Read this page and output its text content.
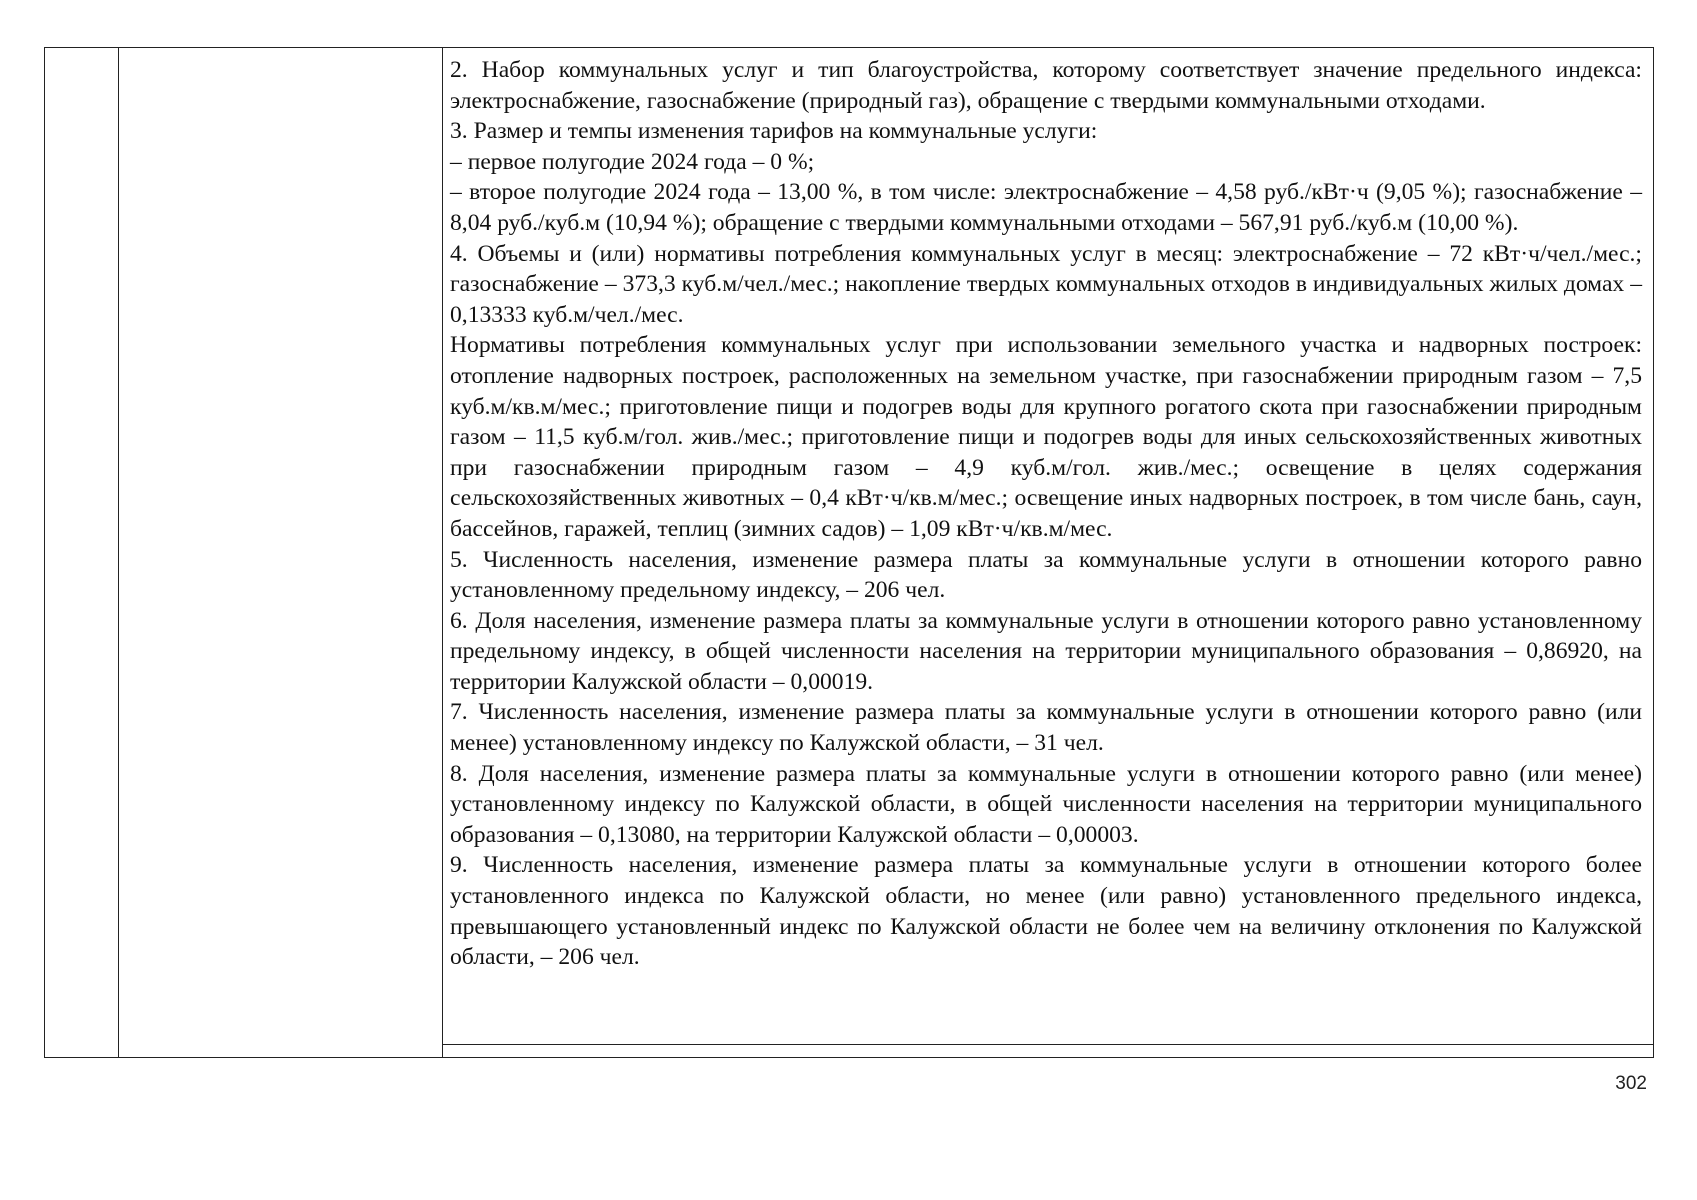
2. Набор коммунальных услуг и тип благоустройства, которому соответствует значение предельного индекса: электроснабжение, газоснабжение (природный газ), обращение с твердыми коммунальными отходами.

3. Размер и темпы изменения тарифов на коммунальные услуги:

– первое полугодие 2024 года – 0 %;

– второе полугодие 2024 года – 13,00 %, в том числе: электроснабжение – 4,58 руб./кВт·ч (9,05 %); газоснабжение – 8,04 руб./куб.м (10,94 %); обращение с твердыми коммунальными отходами – 567,91 руб./куб.м (10,00 %).

4. Объемы и (или) нормативы потребления коммунальных услуг в месяц: электроснабжение – 72 кВт·ч/чел./мес.; газоснабжение – 373,3 куб.м/чел./мес.; накопление твердых коммунальных отходов в индивидуальных жилых домах – 0,13333 куб.м/чел./мес.

Нормативы потребления коммунальных услуг при использовании земельного участка и надворных построек: отопление надворных построек, расположенных на земельном участке, при газоснабжении природным газом – 7,5 куб.м/кв.м/мес.; приготовление пищи и подогрев воды для крупного рогатого скота при газоснабжении природным газом – 11,5 куб.м/гол. жив./мес.; приготовление пищи и подогрев воды для иных сельскохозяйственных животных при газоснабжении природным газом – 4,9 куб.м/гол. жив./мес.; освещение в целях содержания сельскохозяйственных животных – 0,4 кВт·ч/кв.м/мес.; освещение иных надворных построек, в том числе бань, саун, бассейнов, гаражей, теплиц (зимних садов) – 1,09 кВт·ч/кв.м/мес.

5. Численность населения, изменение размера платы за коммунальные услуги в отношении которого равно установленному предельному индексу, – 206 чел.

6. Доля населения, изменение размера платы за коммунальные услуги в отношении которого равно установленному предельному индексу, в общей численности населения на территории муниципального образования – 0,86920, на территории Калужской области – 0,00019.

7. Численность населения, изменение размера платы за коммунальные услуги в отношении которого равно (или менее) установленному индексу по Калужской области, – 31 чел.

8. Доля населения, изменение размера платы за коммунальные услуги в отношении которого равно (или менее) установленному индексу по Калужской области, в общей численности населения на территории муниципального образования – 0,13080, на территории Калужской области – 0,00003.

9. Численность населения, изменение размера платы за коммунальные услуги в отношении которого более установленного индекса по Калужской области, но менее (или равно) установленного предельного индекса, превышающего установленный индекс по Калужской области не более чем на величину отклонения по Калужской области, – 206 чел.

302
